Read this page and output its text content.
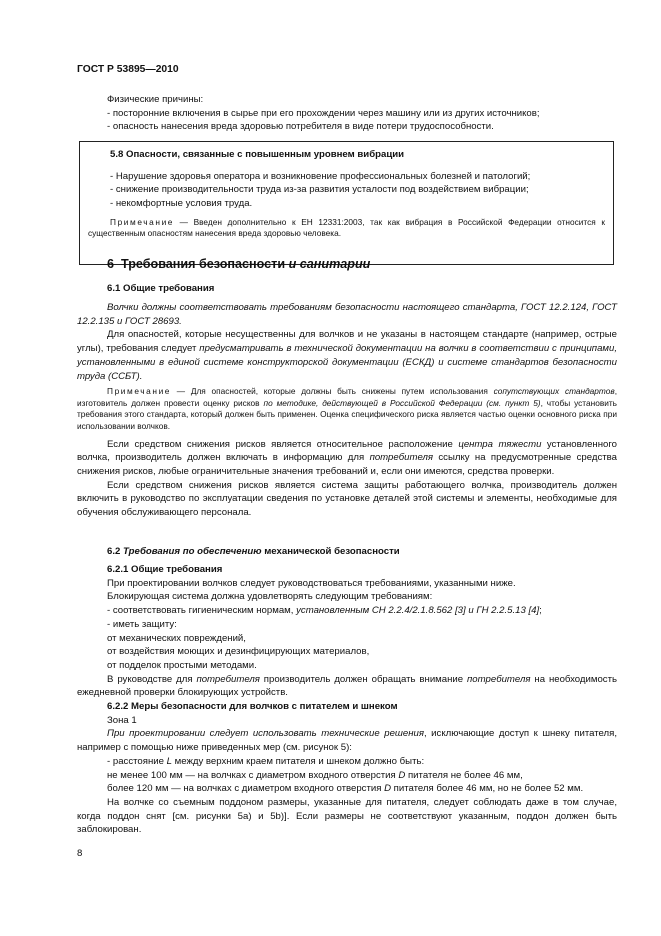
ГОСТ Р 53895—2010

Физические причины:

- посторонние включения в сырье при его прохождении через машину или из других источников;

- опасность нанесения вреда здоровью потребителя в виде потери трудоспособности.

5.8 Опасности, связанные с повышенным уровнем вибрации

- Нарушение здоровья оператора и возникновение профессиональных болезней и патологий;

- снижение производительности труда из-за развития усталости под воздействием вибрации;

- некомфортные условия труда.

Примечание — Введен дополнительно к ЕН 12331:2003, так как вибрация в Российской Федерации относится к существенным опасностям нанесения вреда здоровью человека.

6 Требования безопасности и санитарии
6.1 Общие требования

Волчки должны соответствовать требованиям безопасности настоящего стандарта, ГОСТ 12.2.124, ГОСТ 12.2.135 и ГОСТ 28693.

Для опасностей, которые несущественны для волчков и не указаны в настоящем стандарте (например, острые углы), требования следует предусматривать в технической документации на волчки в соответствии с принципами, установленными в единой системе конструкторской документации (ЕСКД) и системе стандартов безопасности труда (ССБТ).

Примечание — Для опасностей, которые должны быть снижены путем использования сопутствующих стандартов, изготовитель должен провести оценку рисков по методике, действующей в Российской Федерации (см. пункт 5), чтобы установить требования этого стандарта, который должен быть применен. Оценка специфического риска является частью оценки основного риска при использовании волчков.

Если средством снижения рисков является относительное расположение центра тяжести установленного волчка, производитель должен включать в информацию для потребителя ссылку на предусмотренные средства снижения рисков, любые ограничительные значения требований и, если они имеются, средства проверки.

Если средством снижения рисков является система защиты работающего волчка, производитель должен включить в руководство по эксплуатации сведения по установке деталей этой системы и элементы, необходимые для обучения обслуживающего персонала.

6.2 Требования по обеспечению механической безопасности

6.2.1 Общие требования

При проектировании волчков следует руководствоваться требованиями, указанными ниже.

Блокирующая система должна удовлетворять следующим требованиям:

- соответствовать гигиеническим нормам, установленным СН 2.2.4/2.1.8.562 [3] и ГН 2.2.5.13 [4];

- иметь защиту:

от механических повреждений,

от воздействия моющих и дезинфицирующих материалов,

от подделок простыми методами.

В руководстве для потребителя производитель должен обращать внимание потребителя на необходимость ежедневной проверки блокирующих устройств.

6.2.2 Меры безопасности для волчков с питателем и шнеком

Зона 1

При проектировании следует использовать технические решения, исключающие доступ к шнеку питателя, например с помощью ниже приведенных мер (см. рисунок 5):

- расстояние L между верхним краем питателя и шнеком должно быть:

не менее 100 мм — на волчках с диаметром входного отверстия D питателя не более 46 мм,

более 120 мм — на волчках с диаметром входного отверстия D питателя более 46 мм, но не более 52 мм.

На волчке со съемным поддоном размеры, указанные для питателя, следует соблюдать даже в том случае, когда поддон снят [см. рисунки 5а) и 5b)]. Если размеры не соответствуют указанным, поддон должен быть заблокирован.

8
